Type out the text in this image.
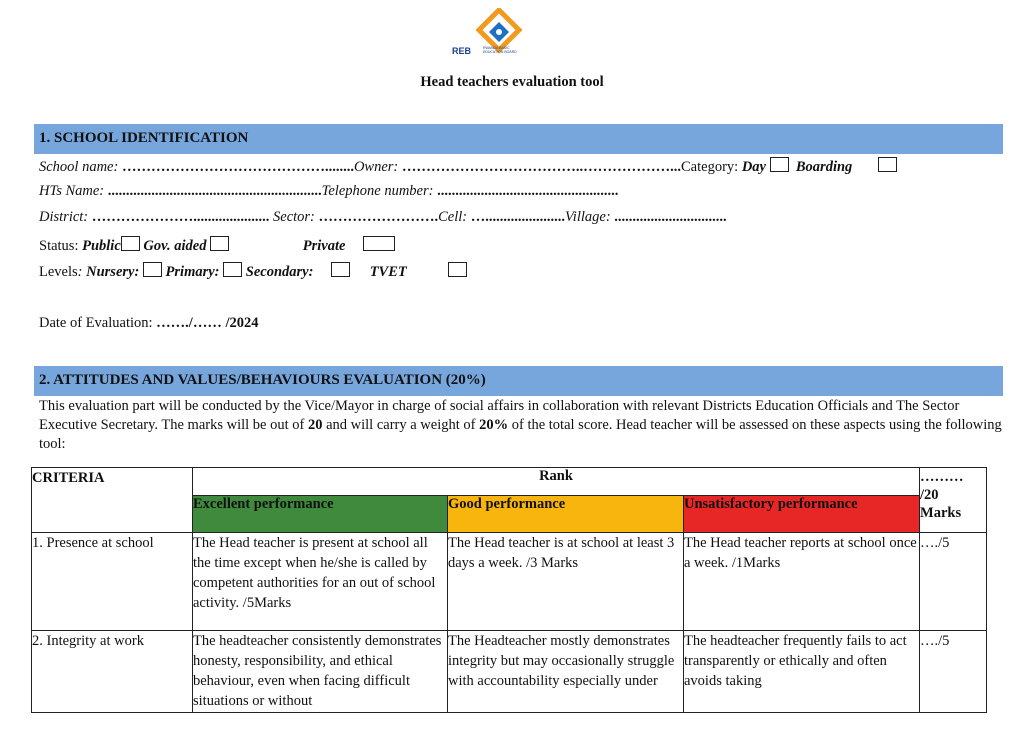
REB	RWANDA BASIC EDUCATION BOARD
Head teachers evaluation tool
1. SCHOOL IDENTIFICATION
School name: ……………………………………........Owner: ………………………………..………………...Category: Day Boarding
HTs Name: ...........................................................Telephone number: ..................................................
District: …………………..................... Sector: …………………….Cell: …......................Village: ...............................
Status: Public Gov. aided	Private
Levels: Nursery: Primary: Secondary:	TVET
Date of Evaluation: ……./…… /2024
2. ATTITUDES AND VALUES/BEHAVIOURS EVALUATION (20%)
This evaluation part will be conducted by the Vice/Mayor in charge of social affairs in collaboration with relevant Districts Education Officials and The Sector Executive Secretary. The marks will be out of 20 and will carry a weight of 20% of the total score. Head teacher will be assessed on these aspects using the following tool:
CRITERIA	Rank			………
/20
Marks

	Excellent performance	Good performance	Unsatisfactory performance	
1. Presence at school	The Head teacher is present at school all the time except when he/she is called by competent authorities for an out of school activity. /5Marks	The Head teacher is at school at least 3 days a week. /3 Marks	The Head teacher reports at school once a week. /1Marks	…./5
2. Integrity at work	The headteacher consistently demonstrates honesty, responsibility, and ethical behaviour, even when facing difficult situations or without	The Headteacher mostly demonstrates integrity but may occasionally struggle with accountability especially under	The headteacher frequently fails to act transparently or ethically and often avoids taking	…./5
